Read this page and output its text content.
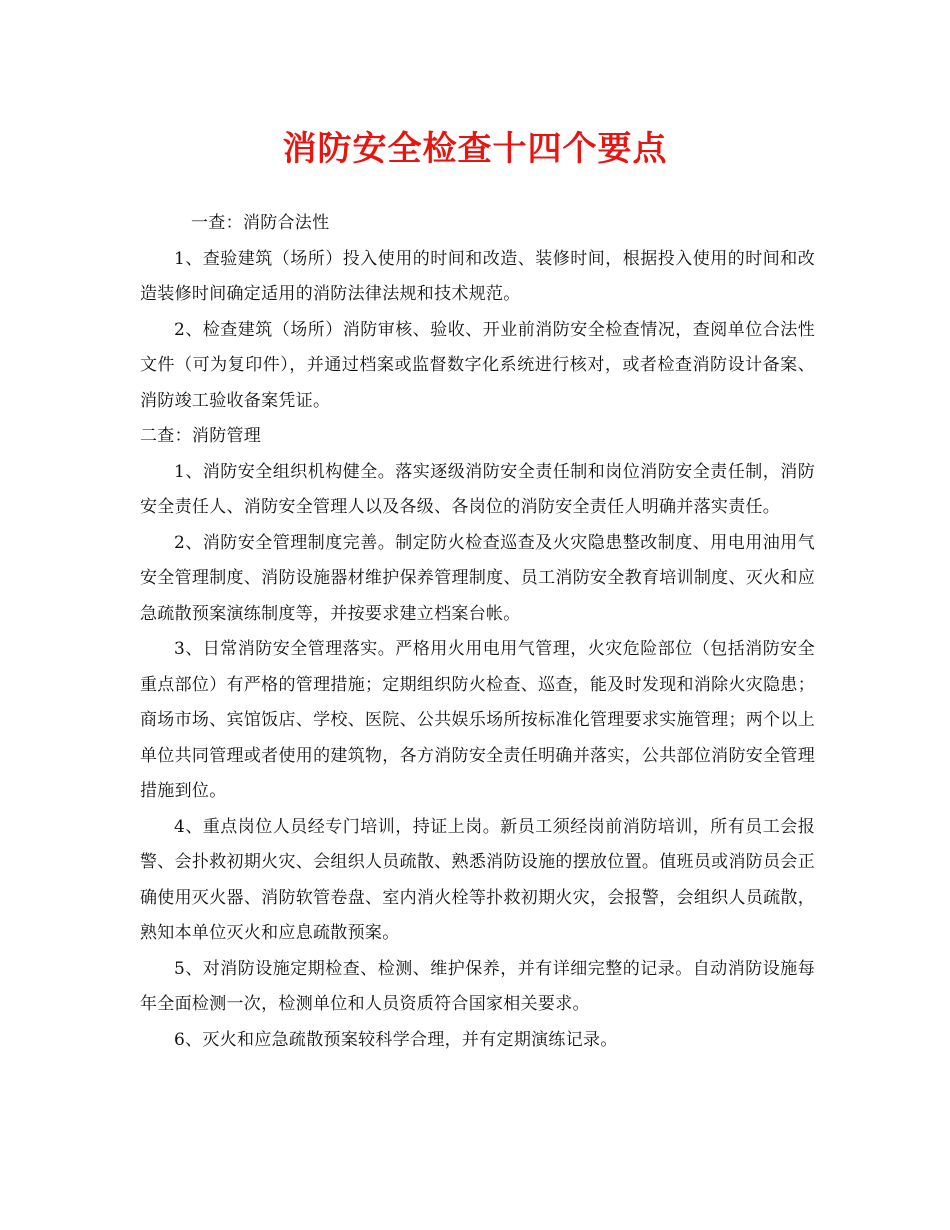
消防安全检查十四个要点

一查：消防合法性

1、查验建筑（场所）投入使用的时间和改造、装修时间，根据投入使用的时间和改造装修时间确定适用的消防法律法规和技术规范。

2、检查建筑（场所）消防审核、验收、开业前消防安全检查情况，查阅单位合法性文件（可为复印件），并通过档案或监督数字化系统进行核对，或者检查消防设计备案、消防竣工验收备案凭证。

二查：消防管理

1、消防安全组织机构健全。落实逐级消防安全责任制和岗位消防安全责任制，消防安全责任人、消防安全管理人以及各级、各岗位的消防安全责任人明确并落实责任。

2、消防安全管理制度完善。制定防火检查巡查及火灾隐患整改制度、用电用油用气安全管理制度、消防设施器材维护保养管理制度、员工消防安全教育培训制度、灭火和应急疏散预案演练制度等，并按要求建立档案台帐。

3、日常消防安全管理落实。严格用火用电用气管理，火灾危险部位（包括消防安全重点部位）有严格的管理措施；定期组织防火检查、巡查，能及时发现和消除火灾隐患；商场市场、宾馆饭店、学校、医院、公共娱乐场所按标准化管理要求实施管理；两个以上单位共同管理或者使用的建筑物，各方消防安全责任明确并落实，公共部位消防安全管理措施到位。

4、重点岗位人员经专门培训，持证上岗。新员工须经岗前消防培训，所有员工会报警、会扑救初期火灾、会组织人员疏散、熟悉消防设施的摆放位置。值班员或消防员会正确使用灭火器、消防软管卷盘、室内消火栓等扑救初期火灾，会报警，会组织人员疏散，熟知本单位灭火和应息疏散预案。

5、对消防设施定期检查、检测、维护保养，并有详细完整的记录。自动消防设施每年全面检测一次，检测单位和人员资质符合国家相关要求。

6、灭火和应急疏散预案较科学合理，并有定期演练记录。
